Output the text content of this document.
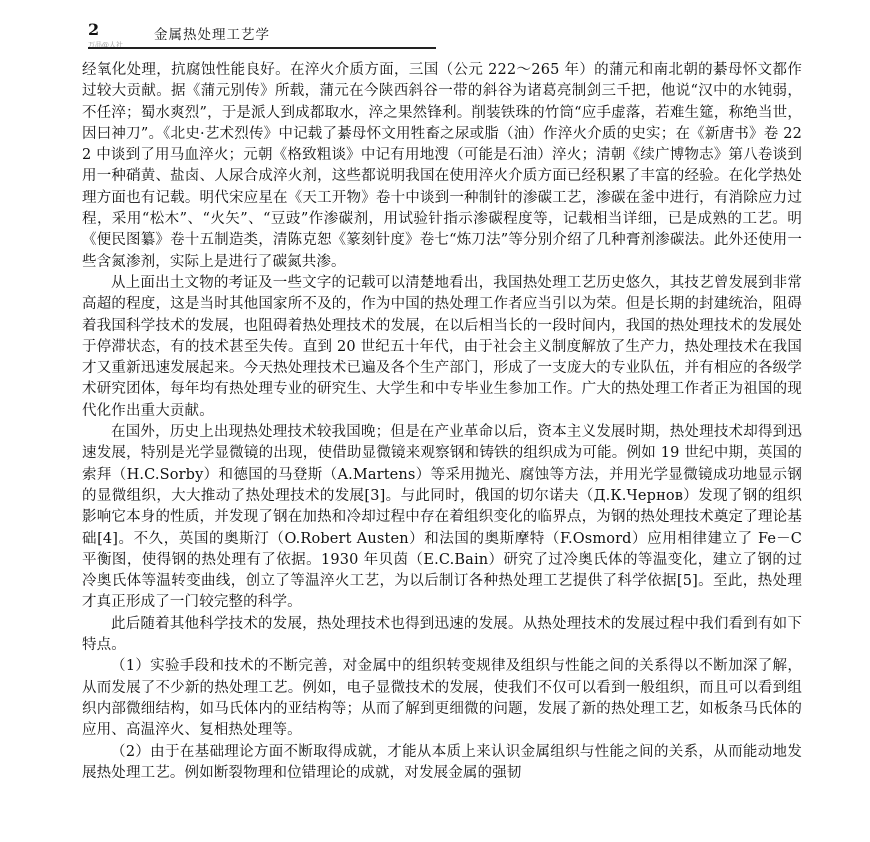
2	金属热处理工艺学
万品@人社

经氧化处理，抗腐蚀性能良好。在淬火介质方面，三国（公元 222～265 年）的蒲元和南北朝的綦母怀文都作过较大贡献。据《蒲元别传》所载，蒲元在今陕西斜谷一带的斜谷为诸葛亮制剑三千把，他说“汉中的水钝弱，不任淬；蜀水爽烈”，于是派人到成都取水，淬之果然锋利。削装铁珠的竹筒“应手虚落，若难生筵，称绝当世，因曰神刀”。《北史·艺术烈传》中记载了綦母怀文用牲畜之尿或脂（油）作淬火介质的史实；在《新唐书》卷 222 中谈到了用马血淬火；元朝《格致粗谈》中记有用地溲（可能是石油）淬火；清朝《续广博物志》第八卷谈到用一种硝黄、盐卤、人尿合成淬火剂，这些都说明我国在使用淬火介质方面已经积累了丰富的经验。在化学热处理方面也有记载。明代宋应星在《天工开物》卷十中谈到一种制针的渗碳工艺，渗碳在釜中进行，有消除应力过程，采用“松木”、“火矢”、“豆豉”作渗碳剂，用试验针指示渗碳程度等，记载相当详细，已是成熟的工艺。明《便民图纂》卷十五制造类，清陈克恕《篆刻针度》卷七“炼刀法”等分别介绍了几种膏剂渗碳法。此外还使用一些含氮渗剂，实际上是进行了碳氮共渗。

从上面出土文物的考证及一些文字的记载可以清楚地看出，我国热处理工艺历史悠久，其技艺曾发展到非常高超的程度，这是当时其他国家所不及的，作为中国的热处理工作者应当引以为荣。但是长期的封建统治，阻碍着我国科学技术的发展，也阻碍着热处理技术的发展，在以后相当长的一段时间内，我国的热处理技术的发展处于停滞状态，有的技术甚至失传。直到 20 世纪五十年代，由于社会主义制度解放了生产力，热处理技术在我国才又重新迅速发展起来。今天热处理技术已遍及各个生产部门，形成了一支庞大的专业队伍，并有相应的各级学术研究团体，每年均有热处理专业的研究生、大学生和中专毕业生参加工作。广大的热处理工作者正为祖国的现代化作出重大贡献。

在国外，历史上出现热处理技术较我国晚；但是在产业革命以后，资本主义发展时期，热处理技术却得到迅速发展，特别是光学显微镜的出现，使借助显微镜来观察钢和铸铁的组织成为可能。例如 19 世纪中期，英国的索拜（H.C.Sorby）和德国的马登斯（A.Martens）等采用抛光、腐蚀等方法，并用光学显微镜成功地显示钢的显微组织，大大推动了热处理技术的发展[3]。与此同时，俄国的切尔诺夫（Д.К.Чернов）发现了钢的组织影响它本身的性质，并发现了钢在加热和冷却过程中存在着组织变化的临界点，为钢的热处理技术奠定了理论基础[4]。不久，英国的奥斯汀（O.Robert Austen）和法国的奥斯摩特（F.Osmord）应用相律建立了 Fe－C 平衡图，使得钢的热处理有了依据。1930 年贝茵（E.C.Bain）研究了过冷奥氏体的等温变化，建立了钢的过冷奥氏体等温转变曲线，创立了等温淬火工艺，为以后制订各种热处理工艺提供了科学依据[5]。至此，热处理才真正形成了一门较完整的科学。

此后随着其他科学技术的发展，热处理技术也得到迅速的发展。从热处理技术的发展过程中我们看到有如下特点。

（1）实验手段和技术的不断完善，对金属中的组织转变规律及组织与性能之间的关系得以不断加深了解，从而发展了不少新的热处理工艺。例如，电子显微技术的发展，使我们不仅可以看到一般组织，而且可以看到组织内部微细结构，如马氏体内的亚结构等；从而了解到更细微的问题，发展了新的热处理工艺，如板条马氏体的应用、高温淬火、复相热处理等。

（2）由于在基础理论方面不断取得成就，才能从本质上来认识金属组织与性能之间的关系，从而能动地发展热处理工艺。例如断裂物理和位错理论的成就，对发展金属的强韧
